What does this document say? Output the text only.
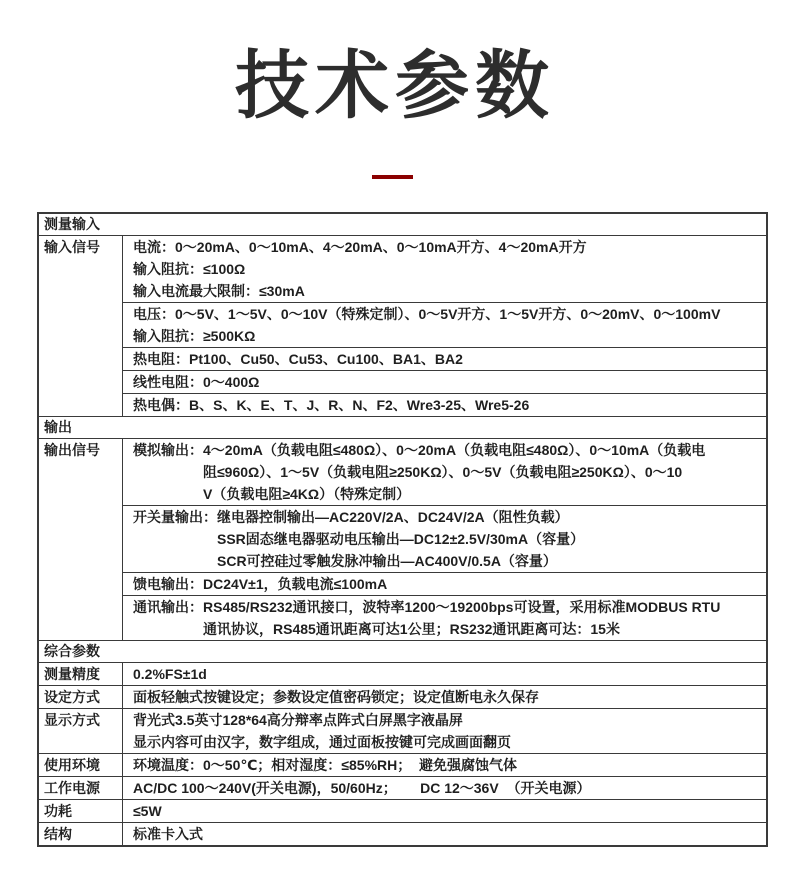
技术参数
测量输入
输入信号	电流：0～20mA、0～10mA、4～20mA、0～10mA开方、4～20mA开方
输入阻抗：≤100Ω
输入电流最大限制：≤30mA
电压：0～5V、1～5V、0～10V（特殊定制）、0～5V开方、1～5V开方、0～20mV、0～100mV
输入阻抗：≥500KΩ
热电阻：Pt100、Cu50、Cu53、Cu100、BA1、BA2
线性电阻：0～400Ω
热电偶：B、S、K、E、T、J、R、N、F2、Wre3-25、Wre5-26
输出
输出信号	模拟输出：4～20mA（负载电阻≤480Ω）、0～20mA（负载电阻≤480Ω）、0～10mA（负载电
阻≤960Ω）、1～5V（负载电阻≥250KΩ）、0～5V（负载电阻≥250KΩ）、0～10
V（负载电阻≥4KΩ）（特殊定制）
开关量输出：继电器控制输出—AC220V/2A、DC24V/2A（阻性负载）
SSR固态继电器驱动电压输出—DC12±2.5V/30mA（容量）
SCR可控硅过零触发脉冲输出—AC400V/0.5A（容量）
馈电输出：DC24V±1，负载电流≤100mA
通讯输出：RS485/RS232通讯接口，波特率1200～19200bps可设置，采用标准MODBUS RTU
通讯协议，RS485通讯距离可达1公里；RS232通讯距离可达：15米
综合参数
测量精度	0.2%FS±1d
设定方式	面板轻触式按键设定；参数设定值密码锁定；设定值断电永久保存
显示方式	背光式3.5英寸128*64高分辩率点阵式白屏黑字液晶屏
显示内容可由汉字，数字组成，通过面板按键可完成画面翻页
使用环境	环境温度：0～50℃；相对湿度：≤85%RH；  避免强腐蚀气体
工作电源	AC/DC 100～240V(开关电源)，50/60Hz；      DC 12～36V  （开关电源）
功耗	≤5W
结构	标准卡入式
